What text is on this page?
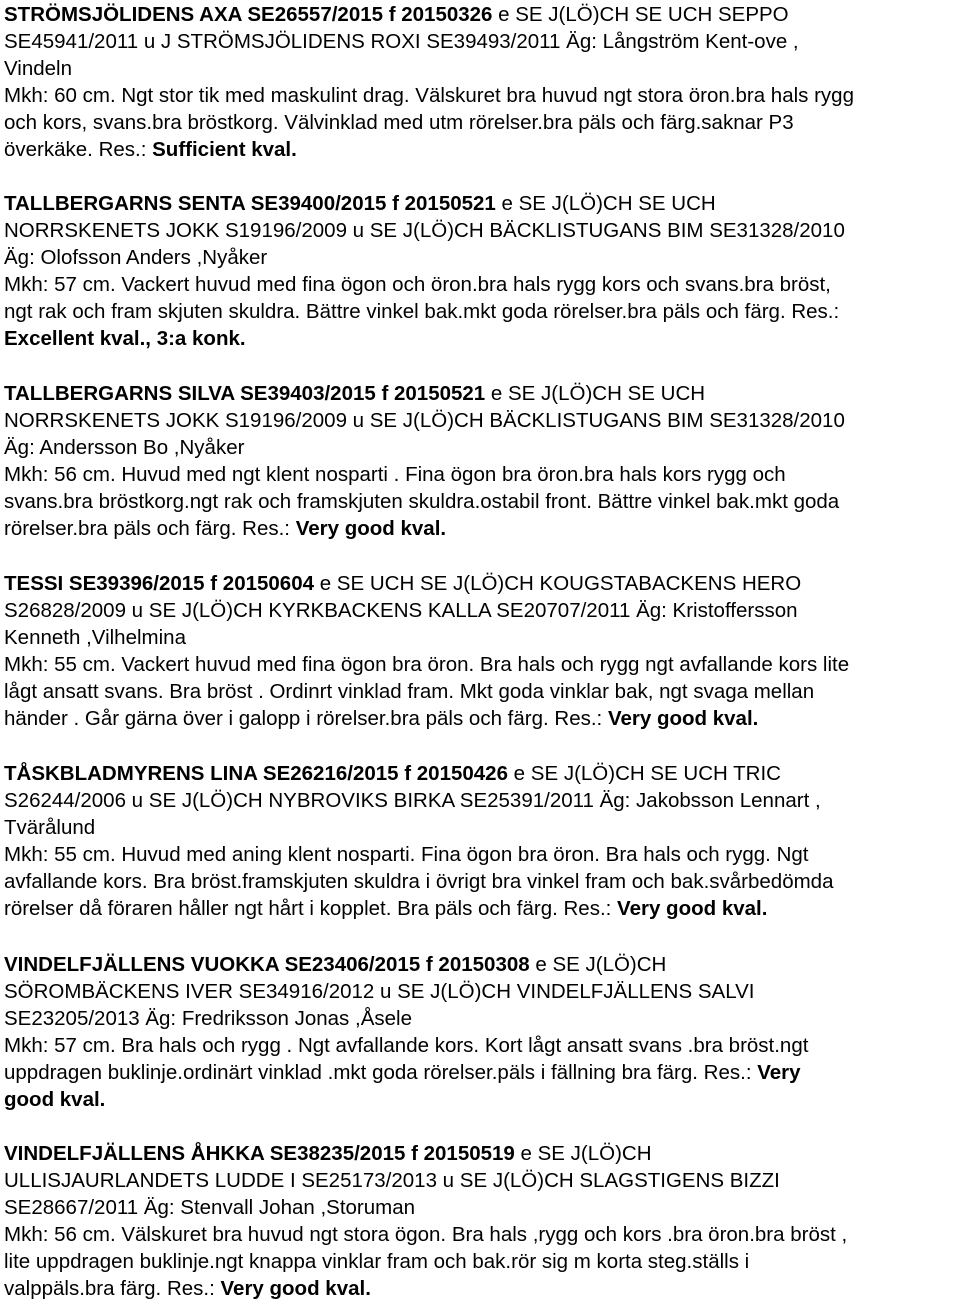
STRÖMSJÖLIDENS AXA SE26557/2015 f 20150326 e SE J(LÖ)CH SE UCH SEPPO
SE45941/2011 u J STRÖMSJÖLIDENS ROXI SE39493/2011 Äg: Långström Kent-ove ,
Vindeln
Mkh: 60 cm. Ngt stor tik med maskulint drag. Välskuret bra huvud ngt stora öron.bra hals rygg
och kors, svans.bra bröstkorg. Välvinklad med utm rörelser.bra päls och färg.saknar P3
överkäke. Res.: Sufficient kval.
TALLBERGARNS SENTA SE39400/2015 f 20150521 e SE J(LÖ)CH SE UCH
NORRSKENETS JOKK S19196/2009 u SE J(LÖ)CH BÄCKLISTUGANS BIM SE31328/2010
Äg: Olofsson Anders ,Nyåker
Mkh: 57 cm. Vackert huvud med fina ögon och öron.bra hals rygg kors och svans.bra bröst,
ngt rak och fram skjuten skuldra. Bättre vinkel bak.mkt goda rörelser.bra päls och färg. Res.:
Excellent kval., 3:a konk.
TALLBERGARNS SILVA SE39403/2015 f 20150521 e SE J(LÖ)CH SE UCH
NORRSKENETS JOKK S19196/2009 u SE J(LÖ)CH BÄCKLISTUGANS BIM SE31328/2010
Äg: Andersson Bo ,Nyåker
Mkh: 56 cm. Huvud med ngt klent nosparti . Fina ögon bra öron.bra hals kors rygg och
svans.bra bröstkorg.ngt rak och framskjuten skuldra.ostabil front. Bättre vinkel bak.mkt goda
rörelser.bra päls och färg. Res.: Very good kval.
TESSI SE39396/2015 f 20150604 e SE UCH SE J(LÖ)CH KOUGSTABACKENS HERO
S26828/2009 u SE J(LÖ)CH KYRKBACKENS KALLA SE20707/2011 Äg: Kristoffersson
Kenneth ,Vilhelmina
Mkh: 55 cm. Vackert huvud med fina ögon bra öron. Bra hals och rygg ngt avfallande kors lite
lågt ansatt svans. Bra bröst . Ordinrt vinklad fram. Mkt goda vinklar bak, ngt svaga mellan
händer . Går gärna över i galopp i rörelser.bra päls och färg. Res.: Very good kval.
TÅSKBLADMYRENS LINA SE26216/2015 f 20150426 e SE J(LÖ)CH SE UCH TRIC
S26244/2006 u SE J(LÖ)CH NYBROVIKS BIRKA SE25391/2011 Äg: Jakobsson Lennart ,
Tvärålund
Mkh: 55 cm. Huvud med aning klent nosparti. Fina ögon bra öron. Bra hals och rygg. Ngt
avfallande kors. Bra bröst.framskjuten skuldra i övrigt bra vinkel fram och bak.svårbedömda
rörelser då föraren håller ngt hårt i kopplet. Bra päls och färg. Res.: Very good kval.
VINDELFJÄLLENS VUOKKA SE23406/2015 f 20150308 e SE J(LÖ)CH
SÖROMBÄCKENS IVER SE34916/2012 u SE J(LÖ)CH VINDELFJÄLLENS SALVI
SE23205/2013 Äg: Fredriksson Jonas ,Åsele
Mkh: 57 cm. Bra hals och rygg . Ngt avfallande kors. Kort lågt ansatt svans .bra bröst.ngt
uppdragen buklinje.ordinärt vinklad .mkt goda rörelser.päls i fällning bra färg. Res.: Very
good kval.
VINDELFJÄLLENS ÅHKKA SE38235/2015 f 20150519 e SE J(LÖ)CH
ULLISJAURLANDETS LUDDE I SE25173/2013 u SE J(LÖ)CH SLAGSTIGENS BIZZI
SE28667/2011 Äg: Stenvall Johan ,Storuman
Mkh: 56 cm. Välskuret bra huvud ngt stora ögon. Bra hals ,rygg och kors .bra öron.bra bröst ,
lite uppdragen buklinje.ngt knappa vinklar fram och bak.rör sig m korta steg.ställs i
valppäls.bra färg. Res.: Very good kval.
